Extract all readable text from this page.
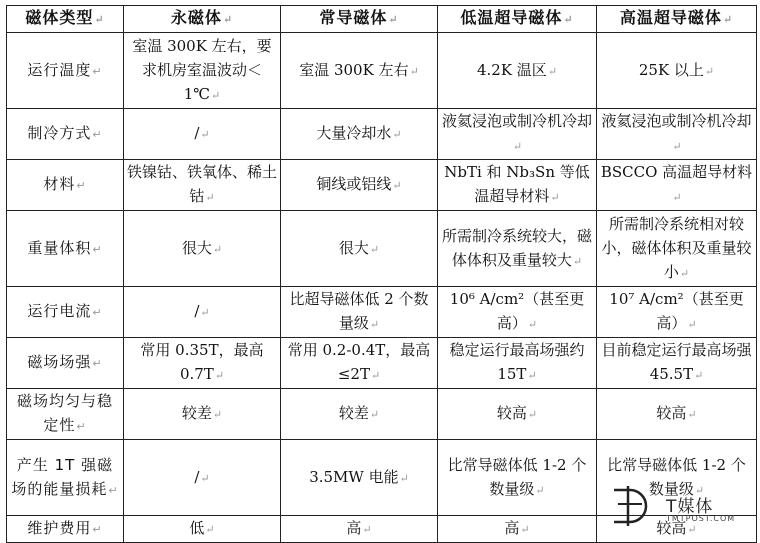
磁体类型↵	永磁体↵	常导磁体↵	低温超导磁体↵	高温超导磁体↵
运行温度↵	室温 300K 左右，要求机房室温波动＜1℃↵	室温 300K 左右↵	4.2K 温区↵	25K 以上↵
制冷方式↵	/↵	大量冷却水↵	液氦浸泡或制冷机冷却↵	液氦浸泡或制冷机冷却↵
材料↵	铁镍钴、铁氧体、稀土钴↵	铜线或铝线↵	NbTi 和 Nb₃Sn 等低温超导材料↵	BSCCO 高温超导材料↵
重量体积↵	很大↵	很大↵	所需制冷系统较大，磁体体积及重量较大↵	所需制冷系统相对较小，磁体体积及重量较小↵
运行电流↵	/↵	比超导磁体低 2 个数量级↵	10⁶ A/cm²（甚至更高）↵	10⁷ A/cm²（甚至更高）↵
磁场场强↵	常用 0.35T，最高 0.7T↵	常用 0.2-0.4T，最高≤2T↵	稳定运行最高场强约 15T↵	目前稳定运行最高场强 45.5T↵
磁场均匀与稳定性↵	较差↵	较差↵	较高↵	较高↵
产生 1T 强磁场的能量损耗↵	/↵	3.5MW 电能↵	比常导磁体低 1-2 个数量级↵	比常导磁体低 1-2 个数量级↵
维护费用↵	低↵	高↵	高↵	较高↵
T媒体
TMTPOST.COM
